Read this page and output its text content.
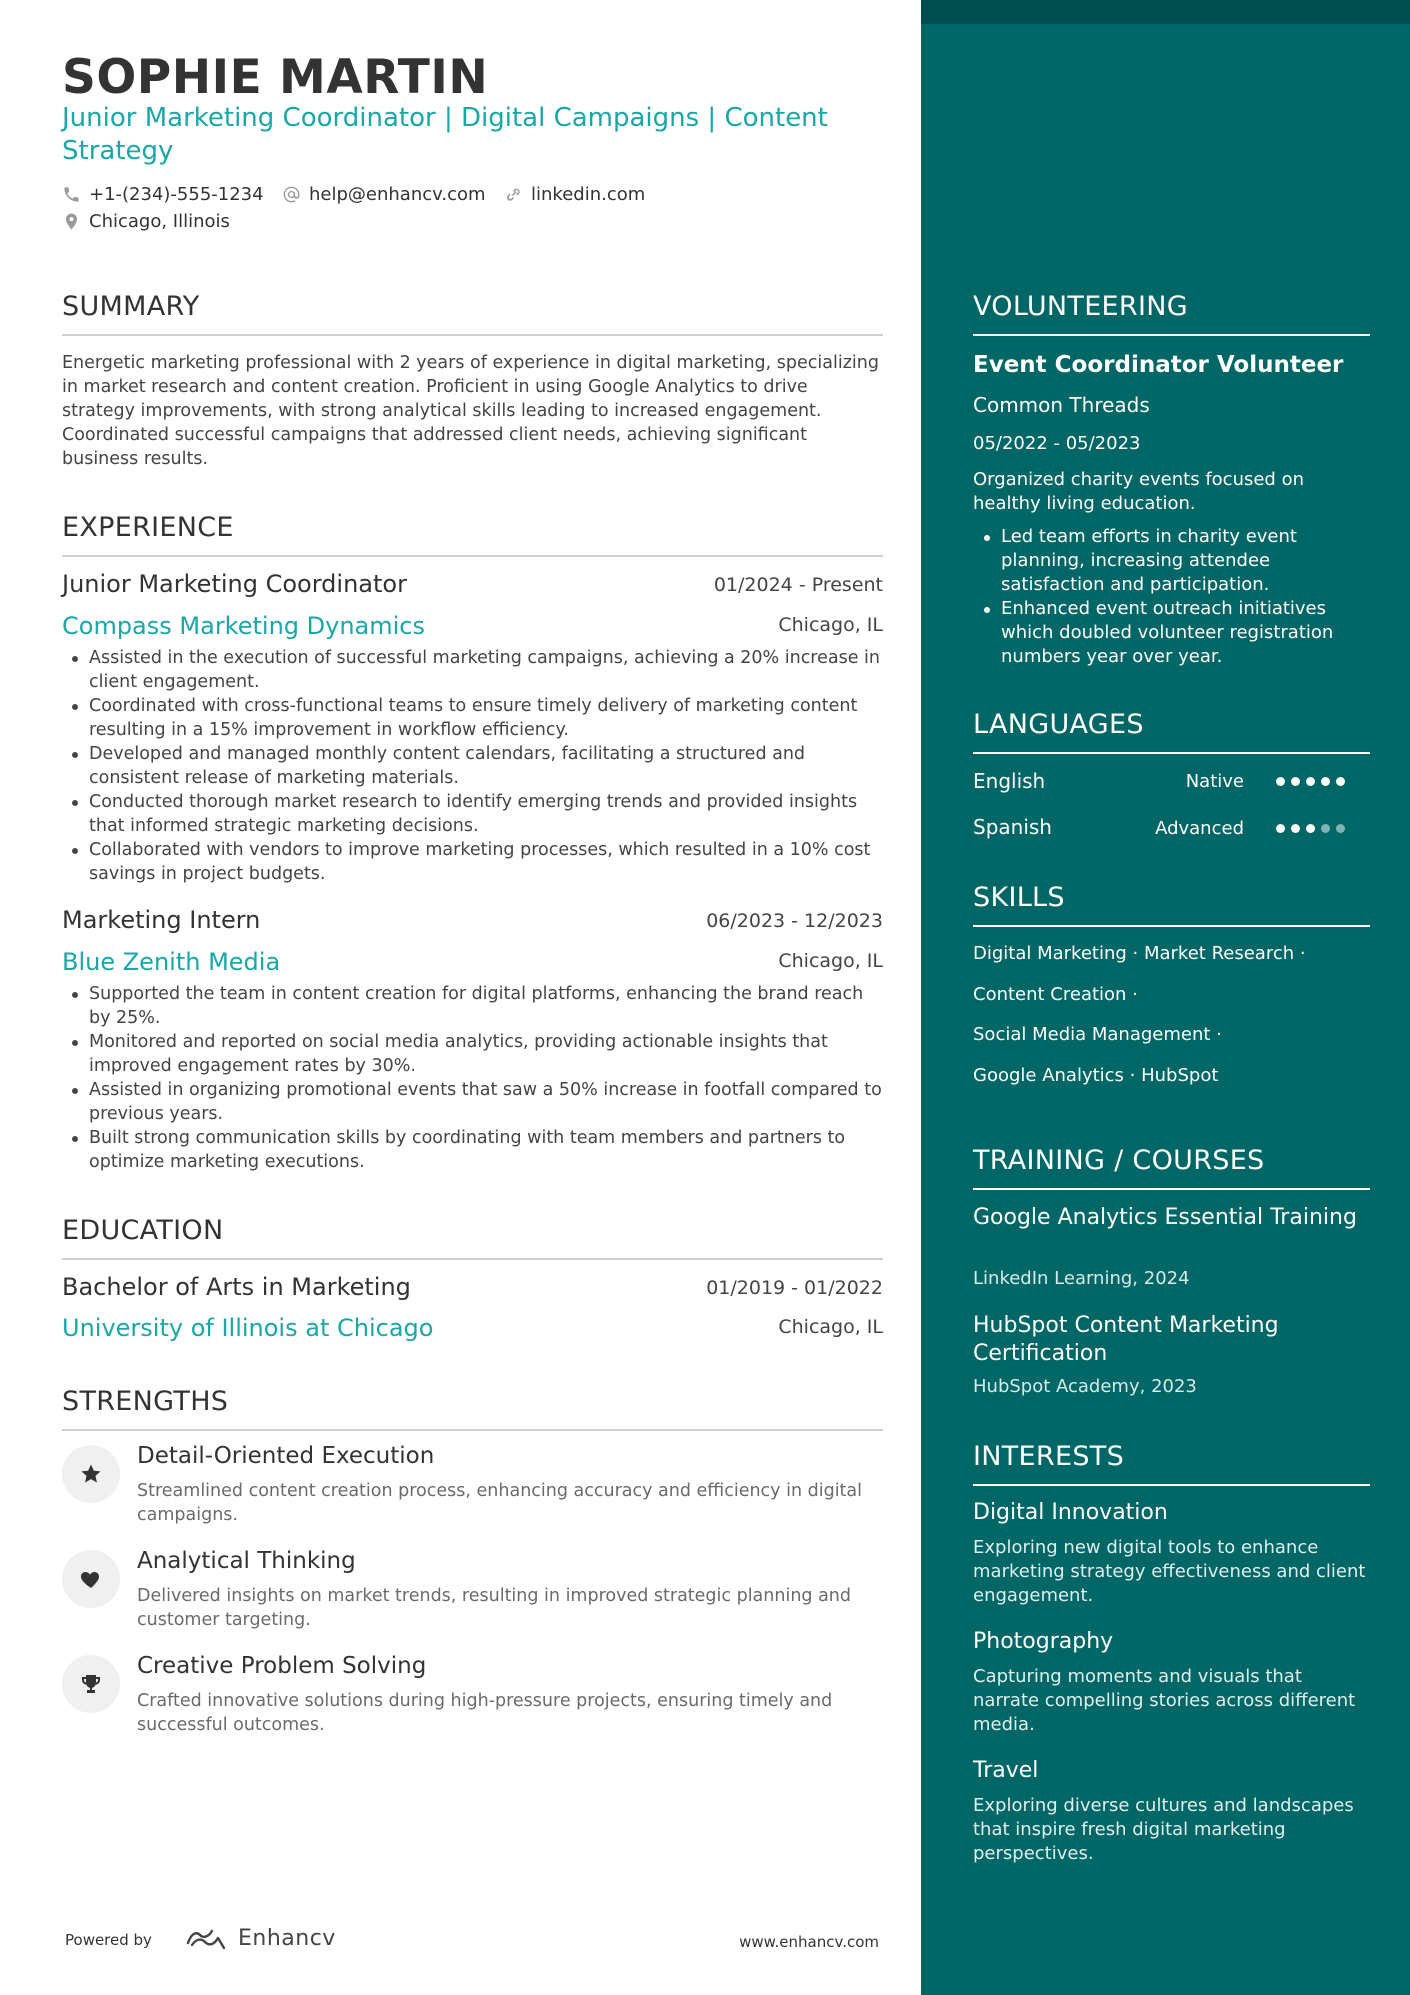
SOPHIE MARTIN
Junior Marketing Coordinator | Digital Campaigns | Content Strategy
+1-(234)-555-1234	help@enhancv.com	linkedin.com
Chicago, Illinois
SUMMARY
Energetic marketing professional with 2 years of experience in digital marketing, specializing in market research and content creation. Proficient in using Google Analytics to drive strategy improvements, with strong analytical skills leading to increased engagement. Coordinated successful campaigns that addressed client needs, achieving significant business results.
EXPERIENCE
Junior Marketing Coordinator	01/2024 - Present
Compass Marketing Dynamics	Chicago, IL
Assisted in the execution of successful marketing campaigns, achieving a 20% increase in client engagement.
Coordinated with cross-functional teams to ensure timely delivery of marketing content resulting in a 15% improvement in workflow efficiency.
Developed and managed monthly content calendars, facilitating a structured and consistent release of marketing materials.
Conducted thorough market research to identify emerging trends and provided insights that informed strategic marketing decisions.
Collaborated with vendors to improve marketing processes, which resulted in a 10% cost savings in project budgets.
Marketing Intern	06/2023 - 12/2023
Blue Zenith Media	Chicago, IL
Supported the team in content creation for digital platforms, enhancing the brand reach by 25%.
Monitored and reported on social media analytics, providing actionable insights that improved engagement rates by 30%.
Assisted in organizing promotional events that saw a 50% increase in footfall compared to previous years.
Built strong communication skills by coordinating with team members and partners to optimize marketing executions.
EDUCATION
Bachelor of Arts in Marketing	01/2019 - 01/2022
University of Illinois at Chicago	Chicago, IL
STRENGTHS
Detail-Oriented Execution
Streamlined content creation process, enhancing accuracy and efficiency in digital campaigns.
Analytical Thinking
Delivered insights on market trends, resulting in improved strategic planning and customer targeting.
Creative Problem Solving
Crafted innovative solutions during high-pressure projects, ensuring timely and successful outcomes.
Powered by	Enhancv	www.enhancv.com
VOLUNTEERING
Event Coordinator Volunteer
Common Threads
05/2022 - 05/2023
Organized charity events focused on healthy living education.
Led team efforts in charity event planning, increasing attendee satisfaction and participation.
Enhanced event outreach initiatives which doubled volunteer registration numbers year over year.
LANGUAGES
English	Native
Spanish	Advanced
SKILLS
Digital Marketing · Market Research ·
Content Creation ·
Social Media Management ·
Google Analytics · HubSpot
TRAINING / COURSES
Google Analytics Essential Training
LinkedIn Learning, 2024
HubSpot Content Marketing Certification
HubSpot Academy, 2023
INTERESTS
Digital Innovation
Exploring new digital tools to enhance marketing strategy effectiveness and client engagement.
Photography
Capturing moments and visuals that narrate compelling stories across different media.
Travel
Exploring diverse cultures and landscapes that inspire fresh digital marketing perspectives.
